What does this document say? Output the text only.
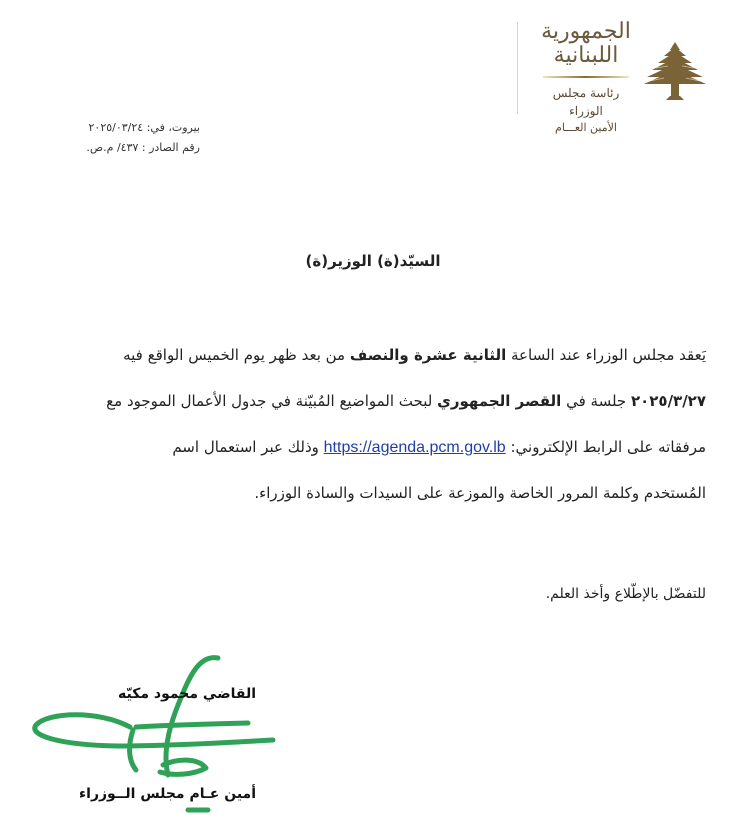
الجمهورية
اللبنانية
رئاسة مجلس الوزراء
الأمين العـــام
بيروت، في: ٢٠٢٥/٠٣/٢٤
رقم الصادر : ٤٣٧/ م.ص.
السيّد(ة) الوزير(ة)
يَعقد مجلس الوزراء عند الساعة الثانية عشرة والنصف من بعد ظهر يوم الخميس الواقع فيه
٢٠٢٥/٣/٢٧ جلسة في القصر الجمهوري لبحث المواضيع المُبيّنة في جدول الأعمال الموجود مع
مرفقاته على الرابط الإلكتروني: https://agenda.pcm.gov.lb وذلك عبر استعمال اسم
المُستخدم وكلمة المرور الخاصة والموزعة على السيدات والسادة الوزراء.
للتفضّل بالإطّلاع وأخذ العلم.
القاضي محمود مكيّه
أمين عـام مجلس الــوزراء
